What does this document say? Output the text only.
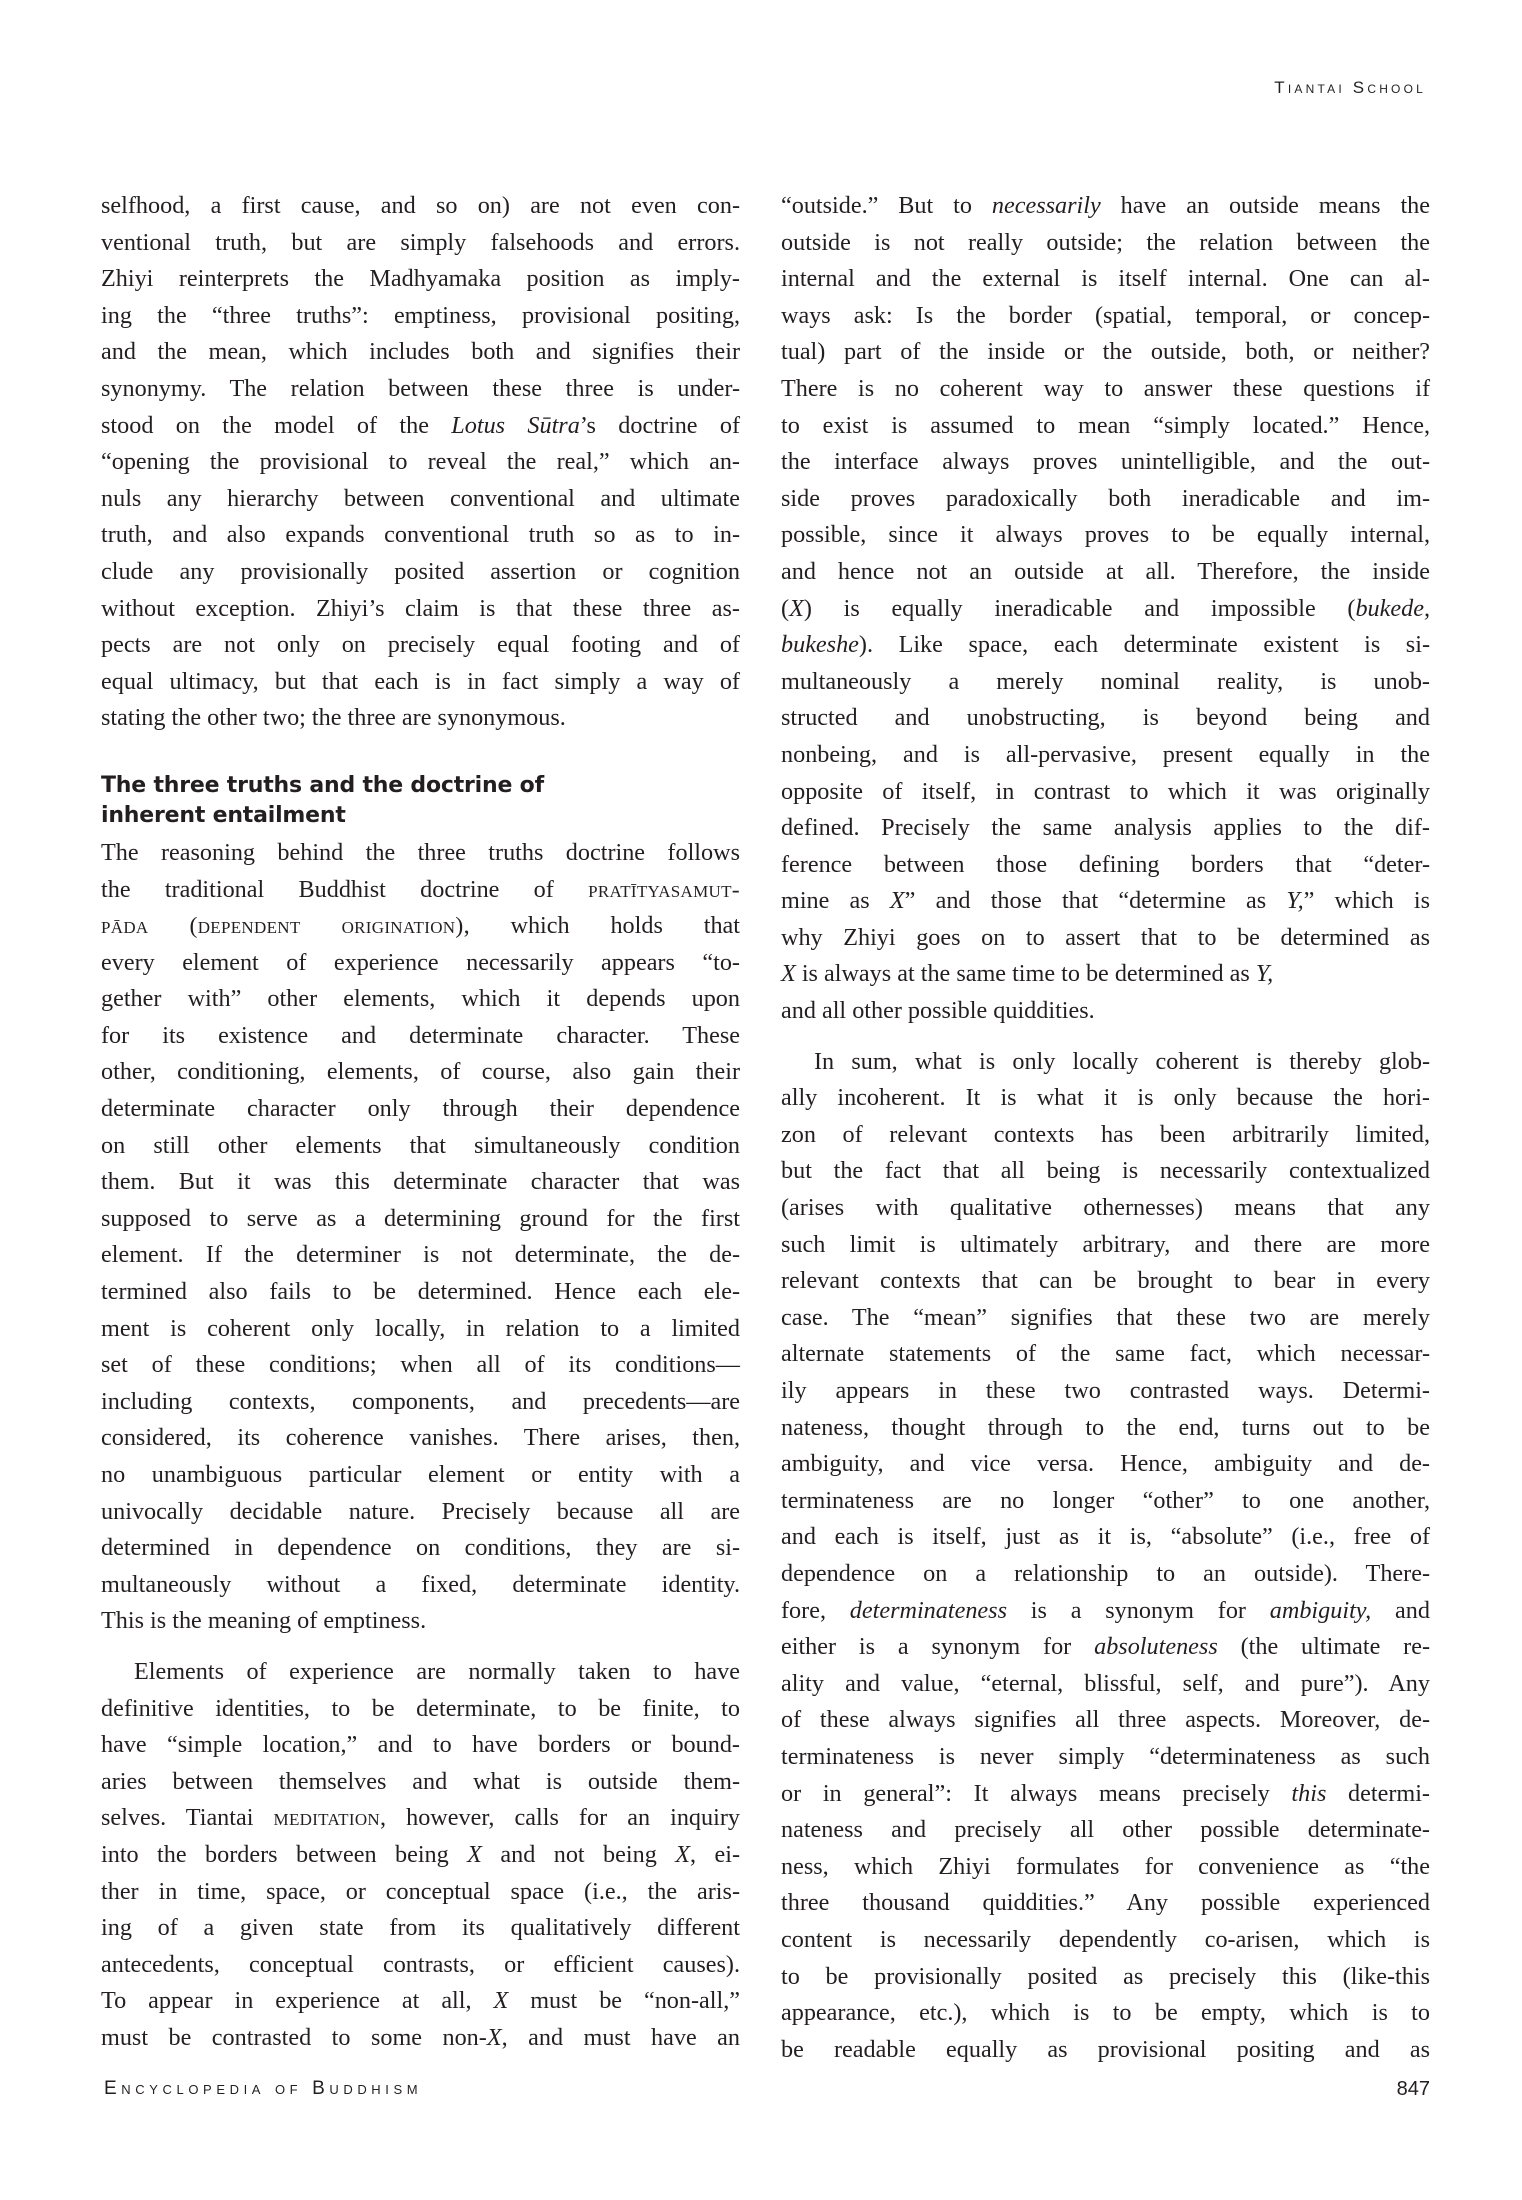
Tiantai School
selfhood, a first cause, and so on) are not even con-
ventional truth, but are simply falsehoods and errors.
Zhiyi reinterprets the Madhyamaka position as imply-
ing the “three truths”: emptiness, provisional positing,
and the mean, which includes both and signifies their
synonymy. The relation between these three is under-
stood on the model of the Lotus Sūtra’s doctrine of
“opening the provisional to reveal the real,” which an-
nuls any hierarchy between conventional and ultimate
truth, and also expands conventional truth so as to in-
clude any provisionally posited assertion or cognition
without exception. Zhiyi’s claim is that these three as-
pects are not only on precisely equal footing and of
equal ultimacy, but that each is in fact simply a way of
stating the other two; the three are synonymous.
The three truths and the doctrine of
inherent entailment
The reasoning behind the three truths doctrine follows
the traditional Buddhist doctrine of pratītyasamut-
pāda (dependent origination), which holds that
every element of experience necessarily appears “to-
gether with” other elements, which it depends upon
for its existence and determinate character. These
other, conditioning, elements, of course, also gain their
determinate character only through their dependence
on still other elements that simultaneously condition
them. But it was this determinate character that was
supposed to serve as a determining ground for the first
element. If the determiner is not determinate, the de-
termined also fails to be determined. Hence each ele-
ment is coherent only locally, in relation to a limited
set of these conditions; when all of its conditions—
including contexts, components, and precedents—are
considered, its coherence vanishes. There arises, then,
no unambiguous particular element or entity with a
univocally decidable nature. Precisely because all are
determined in dependence on conditions, they are si-
multaneously without a fixed, determinate identity.
This is the meaning of emptiness.
Elements of experience are normally taken to have
definitive identities, to be determinate, to be finite, to
have “simple location,” and to have borders or bound-
aries between themselves and what is outside them-
selves. Tiantai meditation, however, calls for an inquiry
into the borders between being X and not being X, ei-
ther in time, space, or conceptual space (i.e., the aris-
ing of a given state from its qualitatively different
antecedents, conceptual contrasts, or efficient causes).
To appear in experience at all, X must be “non-all,”
must be contrasted to some non-X, and must have an
“outside.” But to necessarily have an outside means the
outside is not really outside; the relation between the
internal and the external is itself internal. One can al-
ways ask: Is the border (spatial, temporal, or concep-
tual) part of the inside or the outside, both, or neither?
There is no coherent way to answer these questions if
to exist is assumed to mean “simply located.” Hence,
the interface always proves unintelligible, and the out-
side proves paradoxically both ineradicable and im-
possible, since it always proves to be equally internal,
and hence not an outside at all. Therefore, the inside
(X) is equally ineradicable and impossible (bukede,
bukeshe). Like space, each determinate existent is si-
multaneously a merely nominal reality, is unob-
structed and unobstructing, is beyond being and
nonbeing, and is all-pervasive, present equally in the
opposite of itself, in contrast to which it was originally
defined. Precisely the same analysis applies to the dif-
ference between those defining borders that “deter-
mine as X” and those that “determine as Y,” which is
why Zhiyi goes on to assert that to be determined as
X is always at the same time to be determined as Y,
and all other possible quiddities.
In sum, what is only locally coherent is thereby glob-
ally incoherent. It is what it is only because the hori-
zon of relevant contexts has been arbitrarily limited,
but the fact that all being is necessarily contextualized
(arises with qualitative othernesses) means that any
such limit is ultimately arbitrary, and there are more
relevant contexts that can be brought to bear in every
case. The “mean” signifies that these two are merely
alternate statements of the same fact, which necessar-
ily appears in these two contrasted ways. Determi-
nateness, thought through to the end, turns out to be
ambiguity, and vice versa. Hence, ambiguity and de-
terminateness are no longer “other” to one another,
and each is itself, just as it is, “absolute” (i.e., free of
dependence on a relationship to an outside). There-
fore, determinateness is a synonym for ambiguity, and
either is a synonym for absoluteness (the ultimate re-
ality and value, “eternal, blissful, self, and pure”). Any
of these always signifies all three aspects. Moreover, de-
terminateness is never simply “determinateness as such
or in general”: It always means precisely this determi-
nateness and precisely all other possible determinate-
ness, which Zhiyi formulates for convenience as “the
three thousand quiddities.” Any possible experienced
content is necessarily dependently co-arisen, which is
to be provisionally posited as precisely this (like-this
appearance, etc.), which is to be empty, which is to
be readable equally as provisional positing and as
Encyclopedia of Buddhism	847
